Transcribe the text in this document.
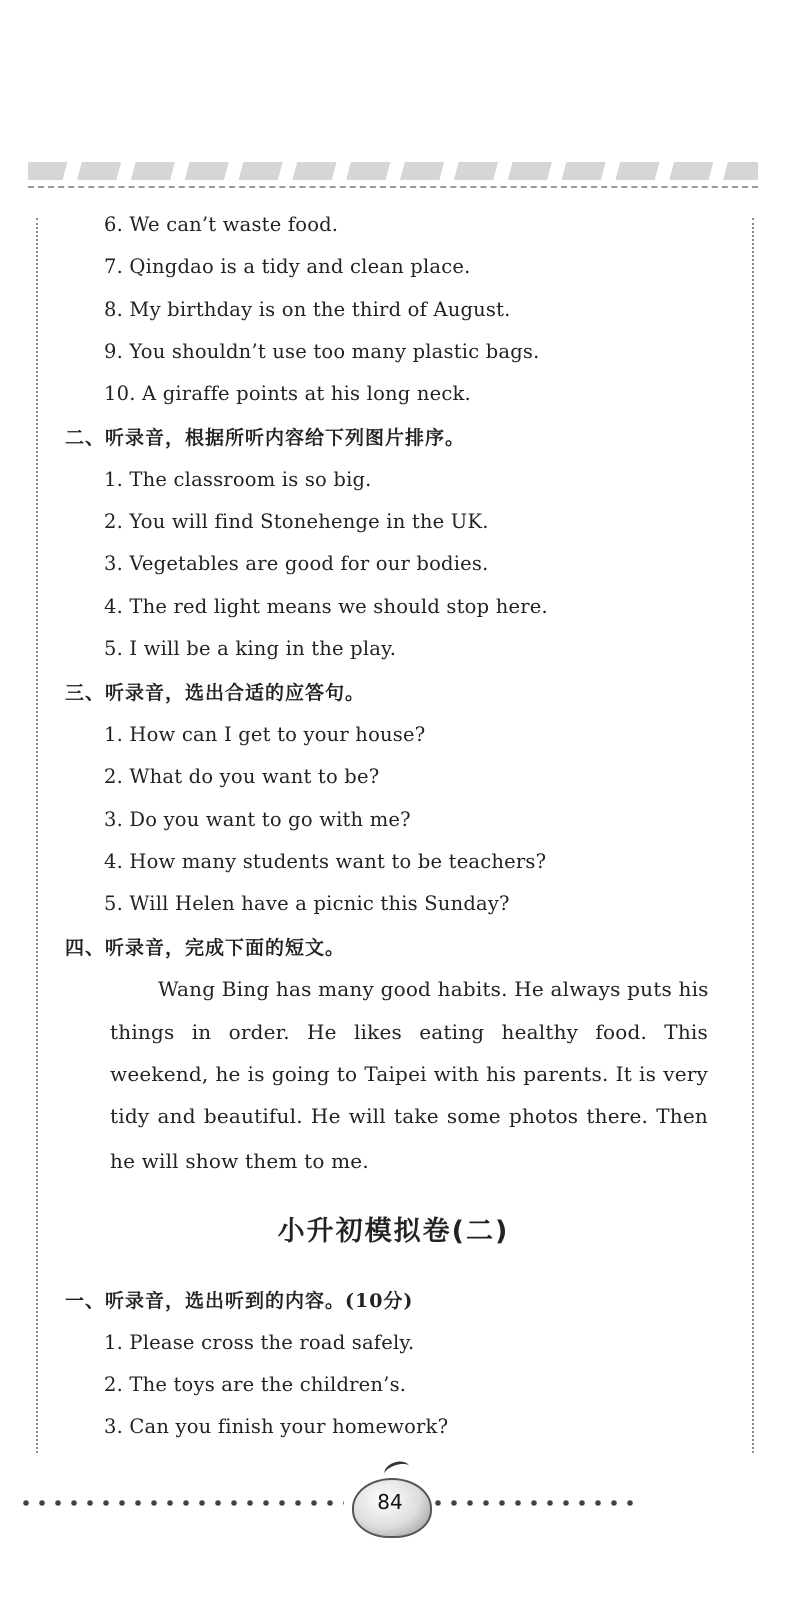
6. We can’t waste food.
7. Qingdao is a tidy and clean place.
8. My birthday is on the third of August.
9. You shouldn’t use too many plastic bags.
10. A giraffe points at his long neck.
二、听录音，根据所听内容给下列图片排序。
1. The classroom is so big.
2. You will find Stonehenge in the UK.
3. Vegetables are good for our bodies.
4. The red light means we should stop here.
5. I will be a king in the play.
三、听录音，选出合适的应答句。
1. How can I get to your house?
2. What do you want to be?
3. Do you want to go with me?
4. How many students want to be teachers?
5. Will Helen have a picnic this Sunday?
四、听录音，完成下面的短文。
Wang Bing has many good habits. He always puts his
things in order. He likes eating healthy food. This
weekend, he is going to Taipei with his parents. It is very
tidy and beautiful. He will take some photos there. Then
he will show them to me.
小升初模拟卷(二)
一、听录音，选出听到的内容。(10分)
1. Please cross the road safely.
2. The toys are the children’s.
3. Can you finish your homework?
84
